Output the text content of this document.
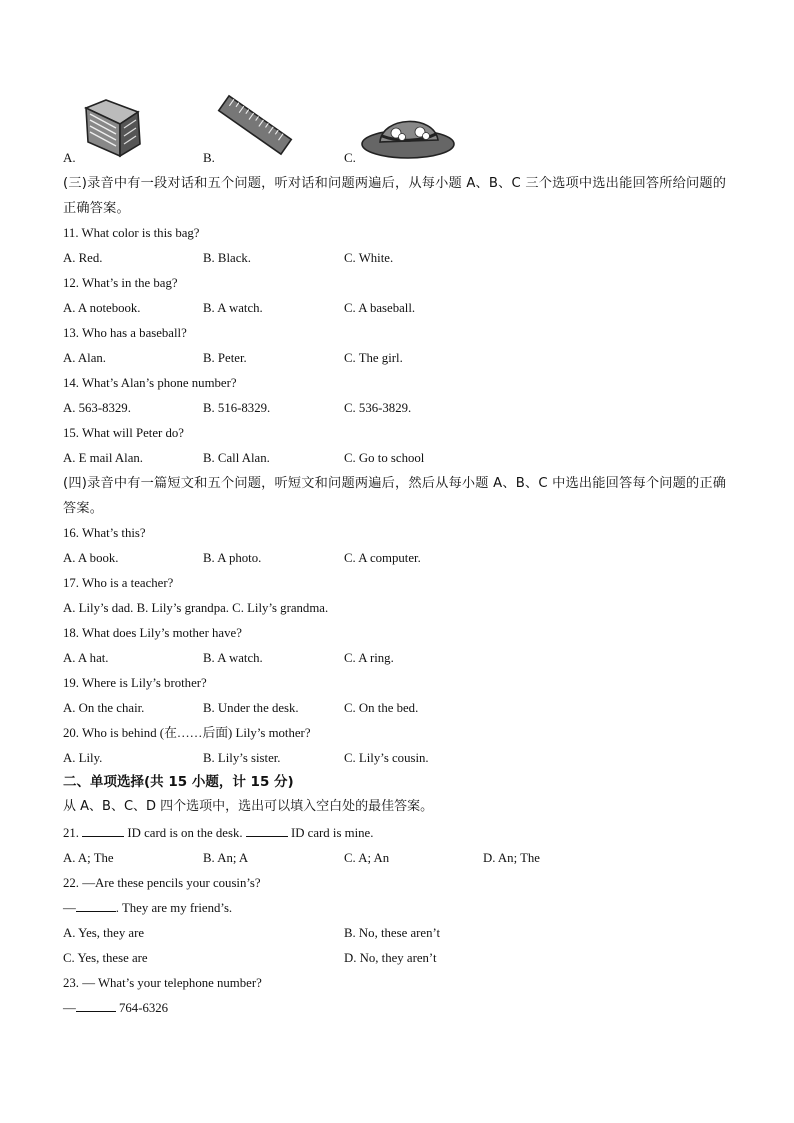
A.	B.	C.
(三)录音中有一段对话和五个问题，听对话和问题两遍后，从每小题 A、B、C 三个选项中选出能回答所给问题的正确答案。
11. What color is this bag?
A. Red.	B. Black.	C. White.
12. What’s in the bag?
A. A notebook.	B. A watch.	C. A baseball.
13. Who has a baseball?
A. Alan.	B. Peter.	C. The girl.
14. What’s Alan’s phone number?
A. 563-8329.	B. 516-8329.	C. 536-3829.
15. What will Peter do?
A. E mail Alan.	B. Call Alan.	C. Go to school
(四)录音中有一篇短文和五个问题，听短文和问题两遍后，然后从每小题 A、B、C 中选出能回答每个问题的正确答案。
16. What’s this?
A. A book.	B. A photo.	C. A computer.
17. Who is a teacher?
A. Lily’s dad. B. Lily’s grandpa. C. Lily’s grandma.
18. What does Lily’s mother have?
A. A hat.	B. A watch.	C. A ring.
19. Where is Lily’s brother?
A. On the chair.	B. Under the desk.	C. On the bed.
20. Who is behind (在……后面) Lily’s mother?
A. Lily.	B. Lily’s sister.	C. Lily’s cousin.
二、单项选择(共 15 小题，计 15 分)
从 A、B、C、D 四个选项中，选出可以填入空白处的最佳答案。
21.	ID card is on the desk.	ID card is mine.
A. A; The	B. An; A	C. A; An	D. An; The
22. —Are these pencils your cousin’s?
—	. They are my friend’s.
A. Yes, they are	B. No, these aren’t
C. Yes, these are	D. No, they aren’t
23. — What’s your telephone number?
—	764-6326
